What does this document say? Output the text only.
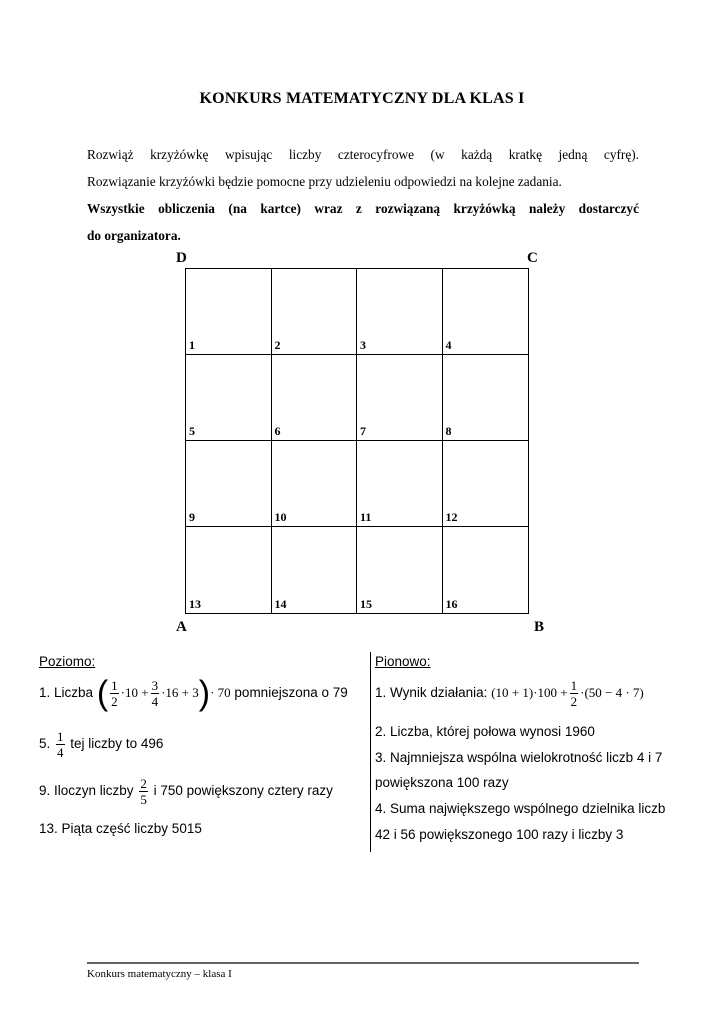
KONKURS MATEMATYCZNY DLA KLAS I

Rozwiąż krzyżówkę wpisując liczby czterocyfrowe (w każdą kratkę jedną cyfrę).

Rozwiązanie krzyżówki będzie pomocne przy udzieleniu odpowiedzi na kolejne zadania.

Wszystkie obliczenia (na kartce) wraz z rozwiązaną krzyżówką należy dostarczyć

do organizatora.

D	C
A	B
1	2	3	4
5	6	7	8
9	10	11	12
13	14	15	16
Poziomo:
1. Liczba ( $\frac{1}{2} \cdot 10 + \frac{3}{4} \cdot 16 + 3)\cdot 70$ pomniejszona o 79
5. $\frac{1}{4}$ tej liczby to 496
9. Iloczyn liczby $\frac{2}{5}$ i 750 powiększony cztery razy
13. Piąta część liczby 5015
Pionowo:
1. Wynik działania: $(10 + 1)\cdot 100 + \frac{1}{2} \cdot(50 - 4 \cdot 7)$
2. Liczba, której połowa wynosi 1960
3. Najmniejsza wspólna wielokrotność liczb 4 i 7
powiększona 100 razy
4. Suma największego wspólnego dzielnika liczb
42 i 56 powiększonego 100 razy i liczby 3
Konkurs matematyczny – klasa I
